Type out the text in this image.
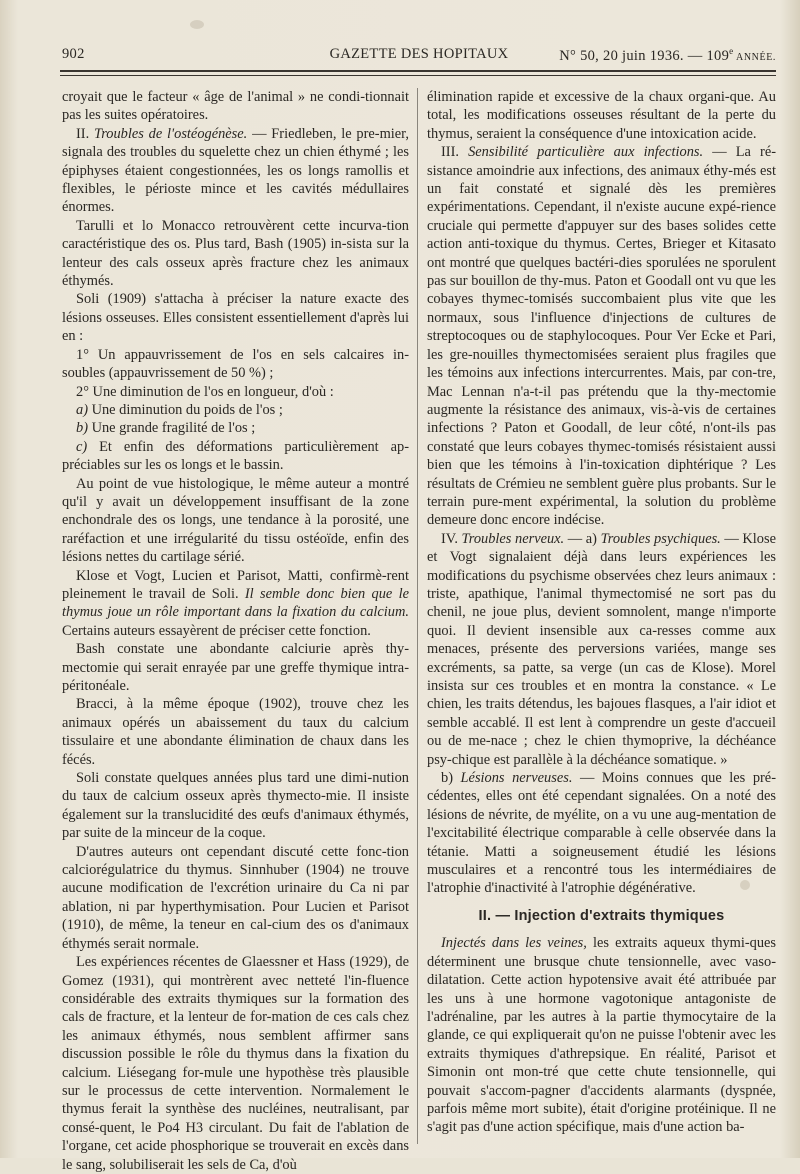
902	GAZETTE DES HOPITAUX	N° 50, 20 juin 1936. — 109e ANNÉE.

croyait que le facteur « âge de l'animal » ne condi-tionnait pas les suites opératoires.

II. Troubles de l'ostéogénèse. — Friedleben, le pre-mier, signala des troubles du squelette chez un chien éthymé ; les épiphyses étaient congestionnées, les os longs ramollis et flexibles, le périoste mince et les cavités médullaires énormes.

Tarulli et lo Monacco retrouvèrent cette incurva-tion caractéristique des os. Plus tard, Bash (1905) in-sista sur la lenteur des cals osseux après fracture chez les animaux éthymés.

Soli (1909) s'attacha à préciser la nature exacte des lésions osseuses. Elles consistent essentiellement d'après lui en :

1° Un appauvrissement de l'os en sels calcaires in-soubles (appauvrissement de 50 %) ;

2° Une diminution de l'os en longueur, d'où :

a) Une diminution du poids de l'os ;

b) Une grande fragilité de l'os ;

c) Et enfin des déformations particulièrement ap-préciables sur les os longs et le bassin.

Au point de vue histologique, le même auteur a montré qu'il y avait un développement insuffisant de la zone enchondrale des os longs, une tendance à la porosité, une raréfaction et une irrégularité du tissu ostéoïde, enfin des lésions nettes du cartilage sérié.

Klose et Vogt, Lucien et Parisot, Matti, confirmè-rent pleinement le travail de Soli. Il semble donc bien que le thymus joue un rôle important dans la fixation du calcium. Certains auteurs essayèrent de préciser cette fonction.

Bash constate une abondante calciurie après thy-mectomie qui serait enrayée par une greffe thymique intra-péritonéale.

Bracci, à la même époque (1902), trouve chez les animaux opérés un abaissement du taux du calcium tissulaire et une abondante élimination de chaux dans les fécés.

Soli constate quelques années plus tard une dimi-nution du taux de calcium osseux après thymecto-mie. Il insiste également sur la translucidité des œufs d'animaux éthymés, par suite de la minceur de la coque.

D'autres auteurs ont cependant discuté cette fonc-tion calciorégulatrice du thymus. Sinnhuber (1904) ne trouve aucune modification de l'excrétion urinaire du Ca ni par ablation, ni par hyperthymisation. Pour Lucien et Parisot (1910), de même, la teneur en cal-cium des os d'animaux éthymés serait normale.

Les expériences récentes de Glaessner et Hass (1929), de Gomez (1931), qui montrèrent avec netteté l'in-fluence considérable des extraits thymiques sur la formation des cals de fracture, et la lenteur de for-mation de ces cals chez les animaux éthymés, nous semblent affirmer sans discussion possible le rôle du thymus dans la fixation du calcium. Liésegang for-mule une hypothèse très plausible sur le processus de cette intervention. Normalement le thymus ferait la synthèse des nucléines, neutralisant, par consé-quent, le Po4 H3 circulant. Du fait de l'ablation de l'organe, cet acide phosphorique se trouverait en excès dans le sang, solubiliserait les sels de Ca, d'où

élimination rapide et excessive de la chaux organi-que. Au total, les modifications osseuses résultant de la perte du thymus, seraient la conséquence d'une intoxication acide.

III. Sensibilité particulière aux infections. — La ré-sistance amoindrie aux infections, des animaux éthy-més est un fait constaté et signalé dès les premières expérimentations. Cependant, il n'existe aucune expé-rience cruciale qui permette d'appuyer sur des bases solides cette action anti-toxique du thymus. Certes, Brieger et Kitasato ont montré que quelques bactéri-dies sporulées ne sporulent pas sur bouillon de thy-mus. Paton et Goodall ont vu que les cobayes thymec-tomisés succombaient plus vite que les normaux, sous l'influence d'injections de cultures de streptocoques ou de staphylocoques. Pour Ver Ecke et Pari, les gre-nouilles thymectomisées seraient plus fragiles que les témoins aux infections intercurrentes. Mais, par con-tre, Mac Lennan n'a-t-il pas prétendu que la thy-mectomie augmente la résistance des animaux, vis-à-vis de certaines infections ? Paton et Goodall, de leur côté, n'ont-ils pas constaté que leurs cobayes thymec-tomisés résistaient aussi bien que les témoins à l'in-toxication diphtérique ? Les résultats de Crémieu ne semblent guère plus probants. Sur le terrain pure-ment expérimental, la solution du problème demeure donc encore indécise.

IV. Troubles nerveux. — a) Troubles psychiques. — Klose et Vogt signalaient déjà dans leurs expériences les modifications du psychisme observées chez leurs animaux : triste, apathique, l'animal thymectomisé ne sort pas du chenil, ne joue plus, devient somnolent, mange n'importe quoi. Il devient insensible aux ca-resses comme aux menaces, présente des perversions variées, mange ses excréments, sa patte, sa verge (un cas de Klose). Morel insista sur ces troubles et en montra la constance. « Le chien, les traits détendus, les bajoues flasques, a l'air idiot et semble accablé. Il est lent à comprendre un geste d'accueil ou de me-nace ; chez le chien thymoprive, la déchéance psy-chique est parallèle à la déchéance somatique. »

b) Lésions nerveuses. — Moins connues que les pré-cédentes, elles ont été cependant signalées. On a noté des lésions de névrite, de myélite, on a vu une aug-mentation de l'excitabilité électrique comparable à celle observée dans la tétanie. Matti a soigneusement étudié les lésions musculaires et a rencontré tous les intermédiaires de l'atrophie d'inactivité à l'atrophie dégénérative.

II. — Injection d'extraits thymiques

Injectés dans les veines, les extraits aqueux thymi-ques déterminent une brusque chute tensionnelle, avec vaso-dilatation. Cette action hypotensive avait été attribuée par les uns à une hormone vagotonique antagoniste de l'adrénaline, par les autres à la partie thymocytaire de la glande, ce qui expliquerait qu'on ne puisse l'obtenir avec les extraits thymiques d'athrepsique. En réalité, Parisot et Simonin ont mon-tré que cette chute tensionnelle, qui pouvait s'accom-pagner d'accidents alarmants (dyspnée, parfois même mort subite), était d'origine protéinique. Il ne s'agit pas d'une action spécifique, mais d'une action ba-
